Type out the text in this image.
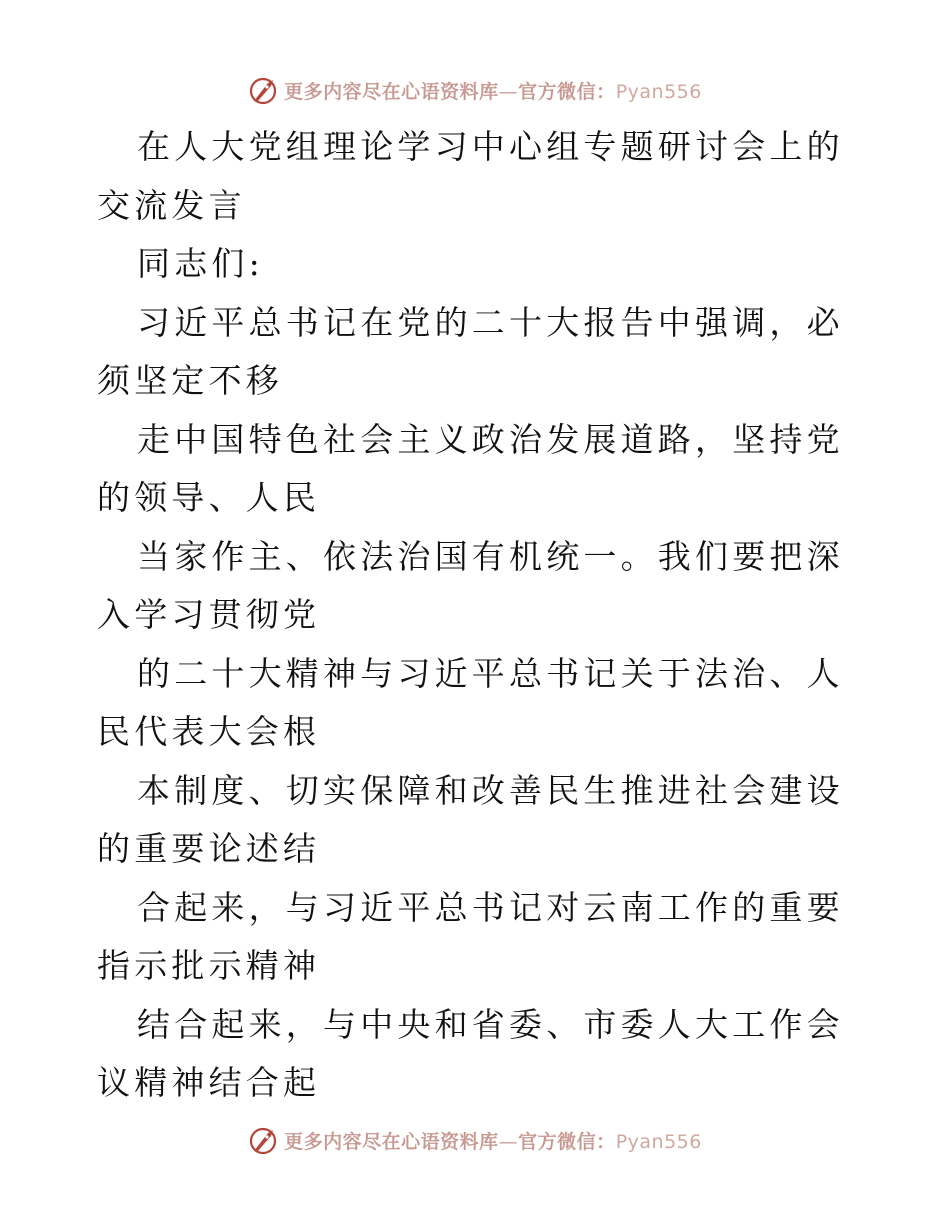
更多内容尽在心语资料库—官方微信：Pyan556

在人大党组理论学习中心组专题研讨会上的交流发言

同志们:

习近平总书记在党的二十大报告中强调，必须坚定不移

走中国特色社会主义政治发展道路，坚持党的领导、人民

当家作主、依法治国有机统一。我们要把深入学习贯彻党

的二十大精神与习近平总书记关于法治、人民代表大会根

本制度、切实保障和改善民生推进社会建设的重要论述结

合起来，与习近平总书记对云南工作的重要指示批示精神

结合起来，与中央和省委、市委人大工作会议精神结合起

更多内容尽在心语资料库—官方微信：Pyan556
